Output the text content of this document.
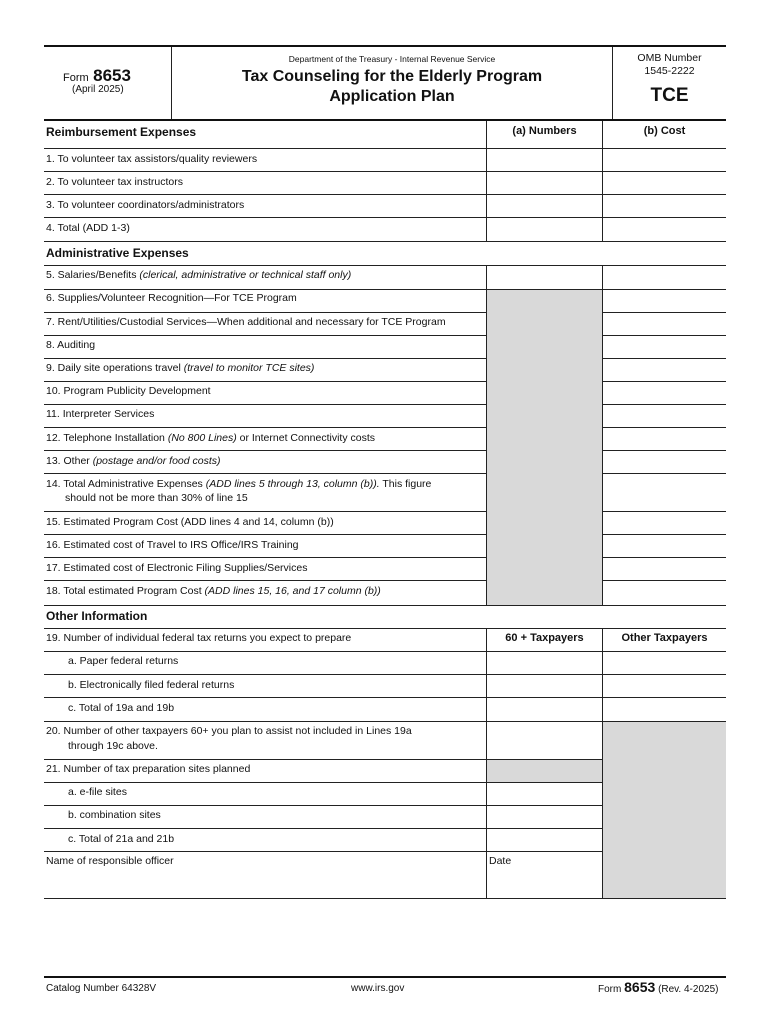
Form 8653
(April 2025)
Department of the Treasury - Internal Revenue Service
Tax Counseling for the Elderly Program
Application Plan
OMB Number
1545-2222
TCE
Reimbursement Expenses	(a) Numbers	(b) Cost
1. To volunteer tax assistors/quality reviewers
2. To volunteer tax instructors
3. To volunteer coordinators/administrators
4. Total (ADD 1-3)
Administrative Expenses
5. Salaries/Benefits (clerical, administrative or technical staff only)
6. Supplies/Volunteer Recognition—For TCE Program
7. Rent/Utilities/Custodial Services—When additional and necessary for TCE Program
8. Auditing
9. Daily site operations travel (travel to monitor TCE sites)
10. Program Publicity Development
11. Interpreter Services
12. Telephone Installation (No 800 Lines) or Internet Connectivity costs
13. Other (postage and/or food costs)
14. Total Administrative Expenses (ADD lines 5 through 13, column (b)). This figure
should not be more than 30% of line 15
15. Estimated Program Cost (ADD lines 4 and 14, column (b))
16. Estimated cost of Travel to IRS Office/IRS Training
17. Estimated cost of Electronic Filing Supplies/Services
18. Total estimated Program Cost (ADD lines 15, 16, and 17 column (b))
Other Information
19. Number of individual federal tax returns you expect to prepare	60 + Taxpayers	Other Taxpayers
a. Paper federal returns
b. Electronically filed federal returns
c. Total of 19a and 19b
20. Number of other taxpayers 60+ you plan to assist not included in Lines 19a
through 19c above.
21. Number of tax preparation sites planned
a. e-file sites
b. combination sites
c. Total of 21a and 21b
Name of responsible officer	Date
Catalog Number 64328V	www.irs.gov	Form 8653 (Rev. 4-2025)
